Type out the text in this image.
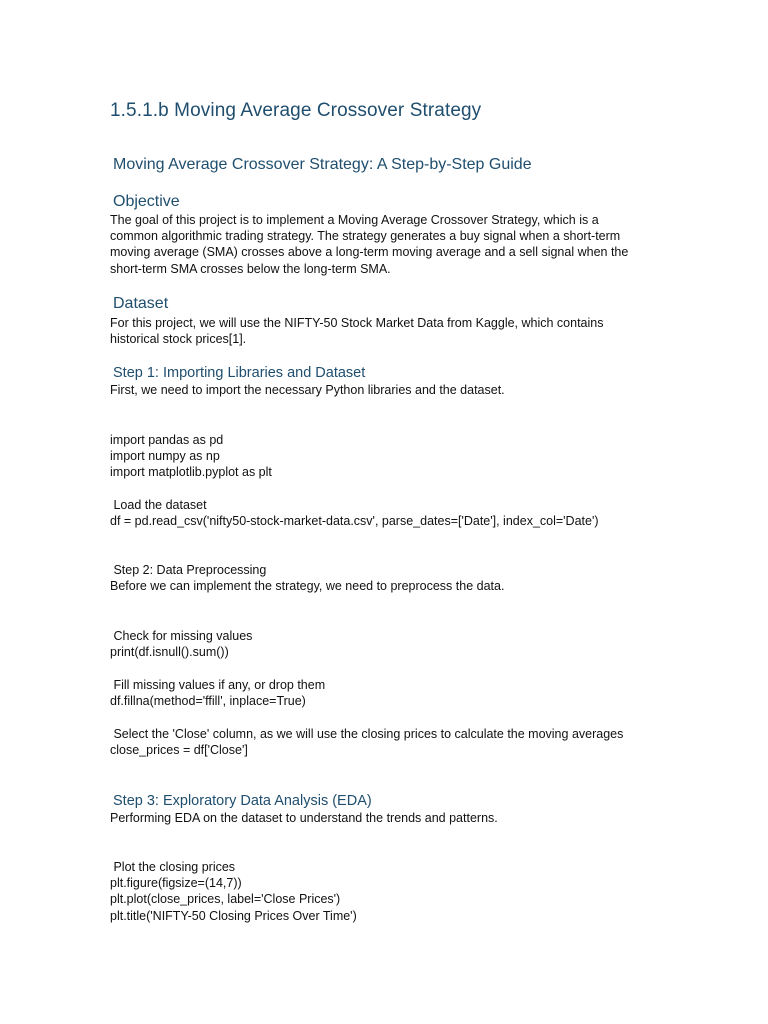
1.5.1.b Moving Average Crossover Strategy
Moving Average Crossover Strategy: A Step-by-Step Guide
Objective

The goal of this project is to implement a Moving Average Crossover Strategy, which is a

common algorithmic trading strategy. The strategy generates a buy signal when a short-term

moving average (SMA) crosses above a long-term moving average and a sell signal when the

short-term SMA crosses below the long-term SMA.

Dataset

For this project, we will use the NIFTY-50 Stock Market Data from Kaggle, which contains

historical stock prices[1].

Step 1: Importing Libraries and Dataset

First, we need to import the necessary Python libraries and the dataset.

import pandas as pd

import numpy as np

import matplotlib.pyplot as plt

Load the dataset

df = pd.read_csv('nifty50-stock-market-data.csv', parse_dates=['Date'], index_col='Date')

Step 2: Data Preprocessing

Before we can implement the strategy, we need to preprocess the data.

Check for missing values

print(df.isnull().sum())

Fill missing values if any, or drop them

df.fillna(method='ffill', inplace=True)

Select the 'Close' column, as we will use the closing prices to calculate the moving averages

close_prices = df['Close']

Step 3: Exploratory Data Analysis (EDA)

Performing EDA on the dataset to understand the trends and patterns.

Plot the closing prices

plt.figure(figsize=(14,7))

plt.plot(close_prices, label='Close Prices')

plt.title('NIFTY-50 Closing Prices Over Time')
